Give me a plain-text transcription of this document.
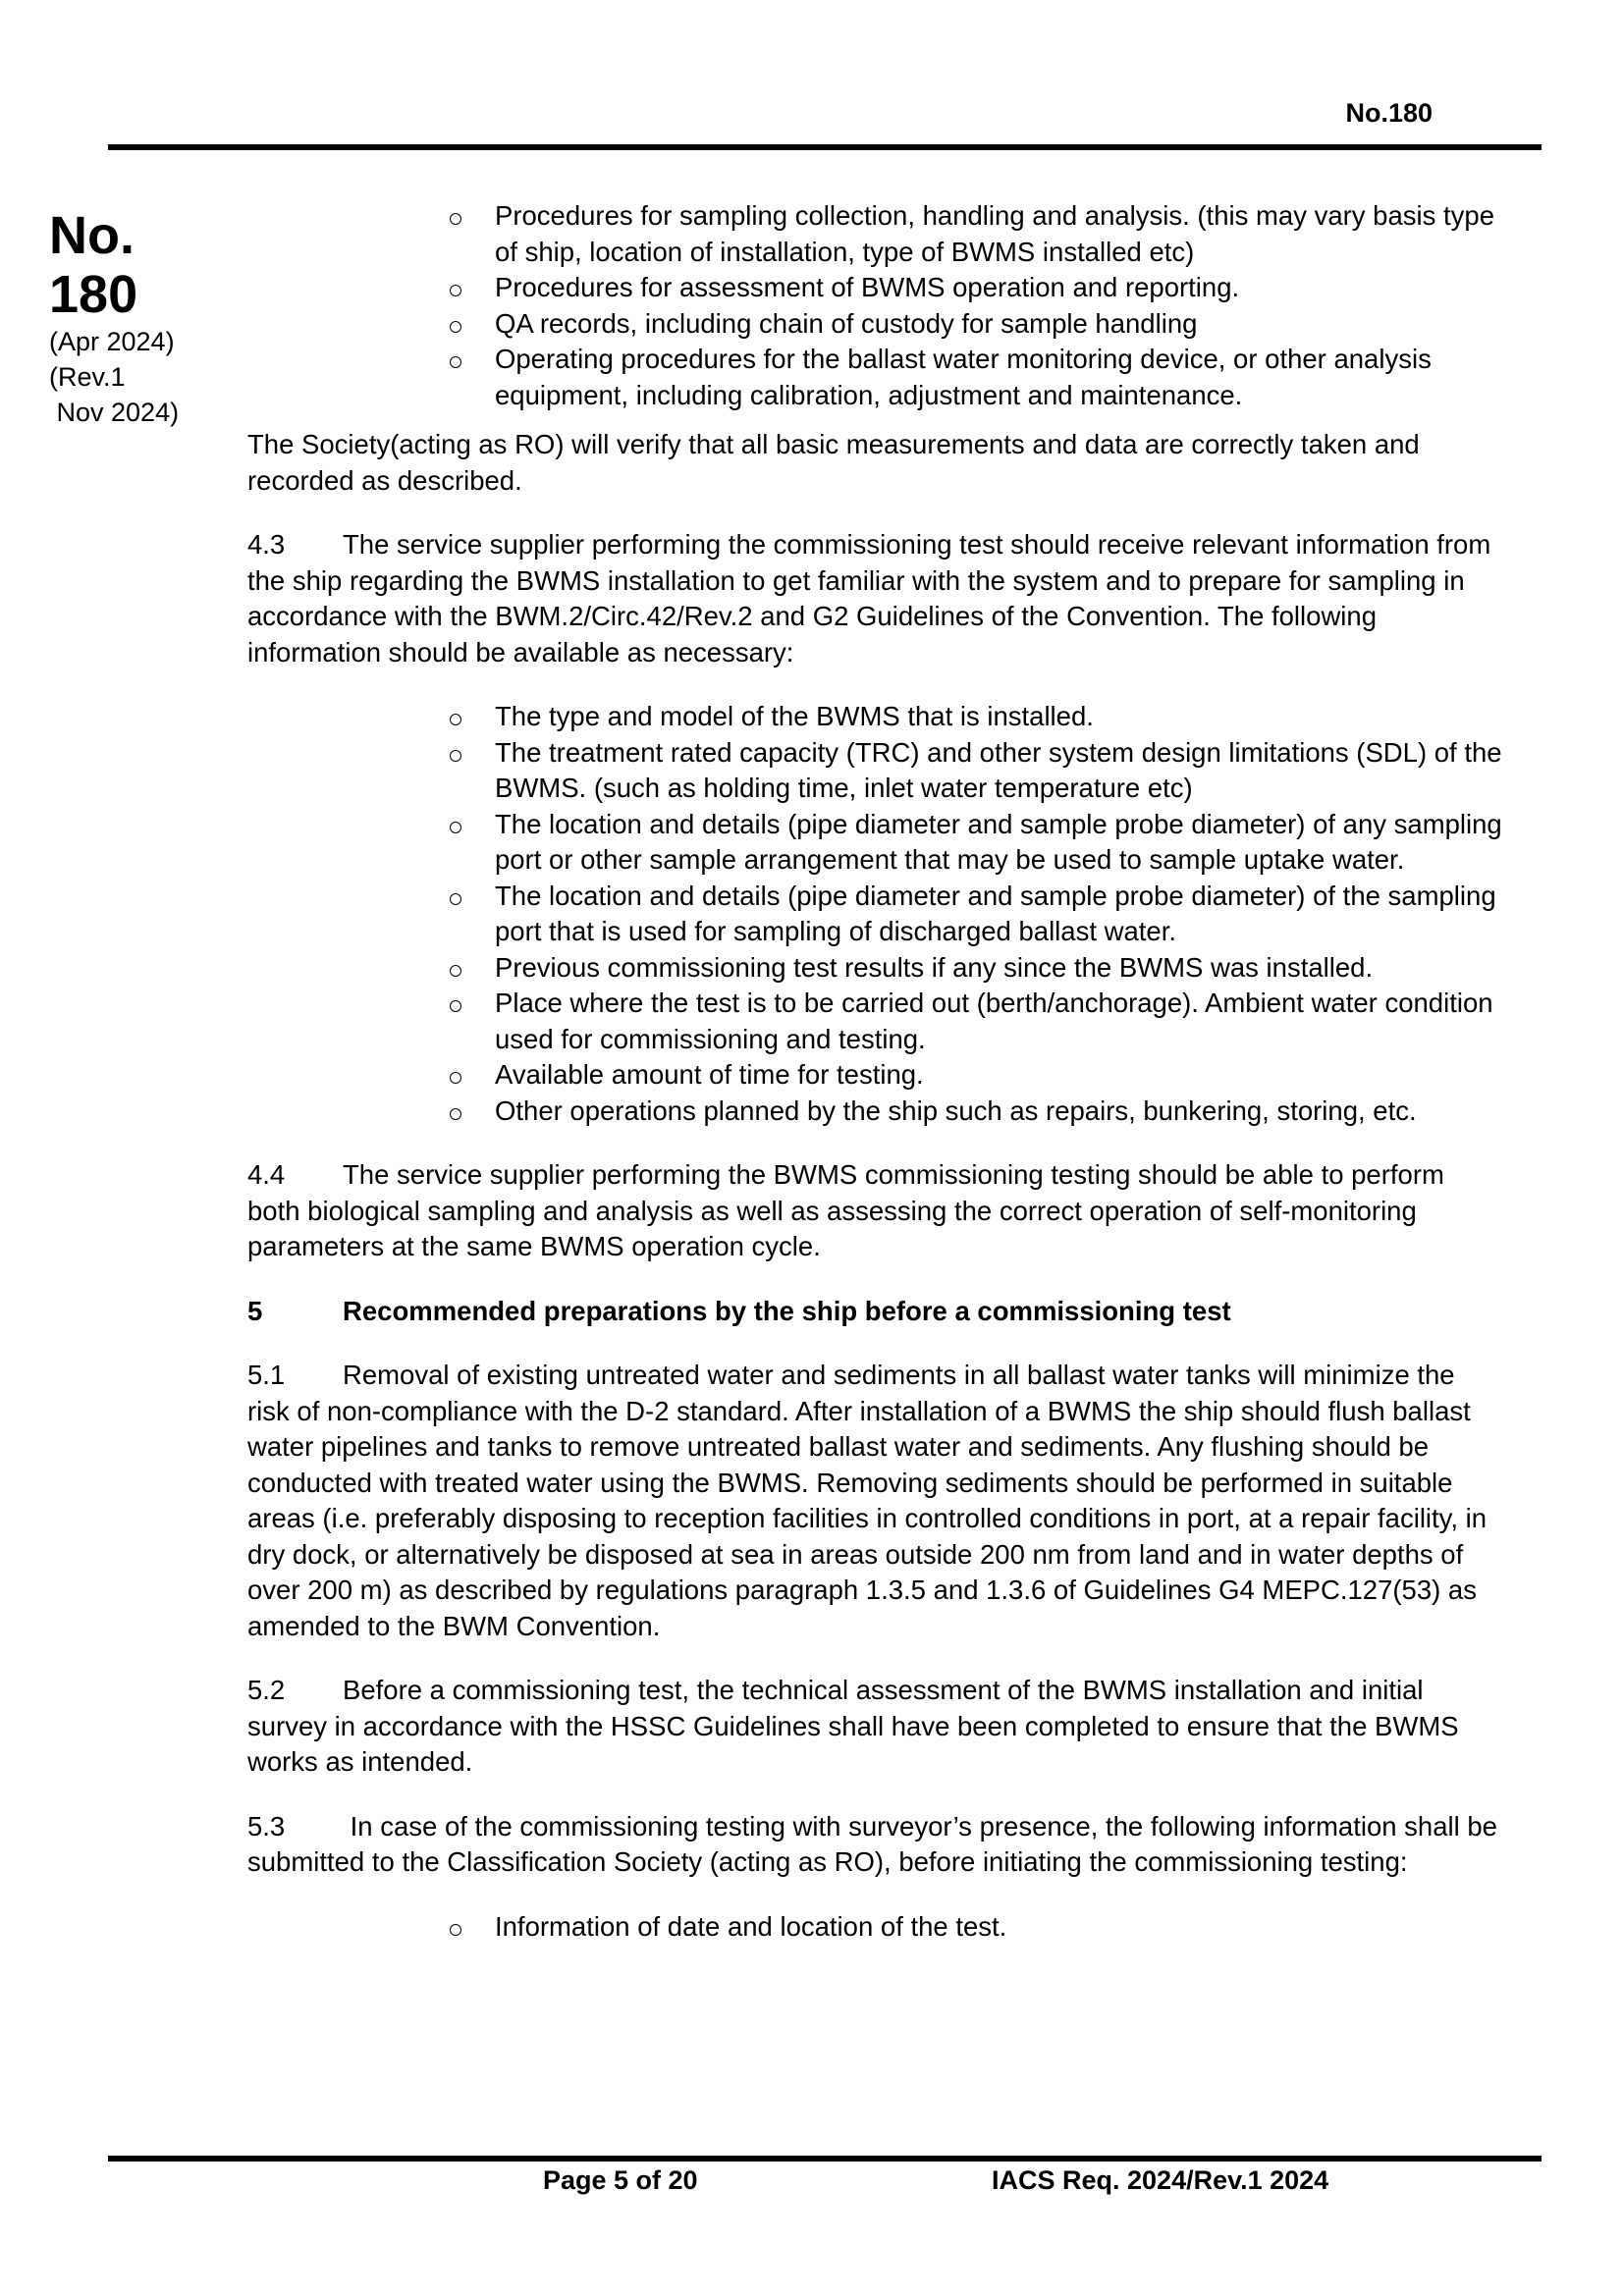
No.180
No.
180
(Apr 2024)
(Rev.1
Nov 2024)
Procedures for sampling collection, handling and analysis. (this may vary basis type of ship, location of installation, type of BWMS installed etc)
Procedures for assessment of BWMS operation and reporting.
QA records, including chain of custody for sample handling
Operating procedures for the ballast water monitoring device, or other analysis equipment, including calibration, adjustment and maintenance.

The Society(acting as RO) will verify that all basic measurements and data are correctly taken and recorded as described.

4.3 The service supplier performing the commissioning test should receive relevant information from the ship regarding the BWMS installation to get familiar with the system and to prepare for sampling in accordance with the BWM.2/Circ.42/Rev.2 and G2 Guidelines of the Convention. The following information should be available as necessary:

The type and model of the BWMS that is installed.
The treatment rated capacity (TRC) and other system design limitations (SDL) of the BWMS. (such as holding time, inlet water temperature etc)
The location and details (pipe diameter and sample probe diameter) of any sampling port or other sample arrangement that may be used to sample uptake water.
The location and details (pipe diameter and sample probe diameter) of the sampling port that is used for sampling of discharged ballast water.
Previous commissioning test results if any since the BWMS was installed.
Place where the test is to be carried out (berth/anchorage). Ambient water condition used for commissioning and testing.
Available amount of time for testing.
Other operations planned by the ship such as repairs, bunkering, storing, etc.

4.4 The service supplier performing the BWMS commissioning testing should be able to perform both biological sampling and analysis as well as assessing the correct operation of self-monitoring parameters at the same BWMS operation cycle.

5	Recommended preparations by the ship before a commissioning test

5.1 Removal of existing untreated water and sediments in all ballast water tanks will minimize the risk of non-compliance with the D-2 standard. After installation of a BWMS the ship should flush ballast water pipelines and tanks to remove untreated ballast water and sediments. Any flushing should be conducted with treated water using the BWMS. Removing sediments should be performed in suitable areas (i.e. preferably disposing to reception facilities in controlled conditions in port, at a repair facility, in dry dock, or alternatively be disposed at sea in areas outside 200 nm from land and in water depths of over 200 m) as described by regulations paragraph 1.3.5 and 1.3.6 of Guidelines G4 MEPC.127(53) as amended to the BWM Convention.

5.2 Before a commissioning test, the technical assessment of the BWMS installation and initial survey in accordance with the HSSC Guidelines shall have been completed to ensure that the BWMS works as intended.

5.3 In case of the commissioning testing with surveyor’s presence, the following information shall be submitted to the Classification Society (acting as RO), before initiating the commissioning testing:

Information of date and location of the test.
Page 5 of 20	IACS Req. 2024/Rev.1 2024
